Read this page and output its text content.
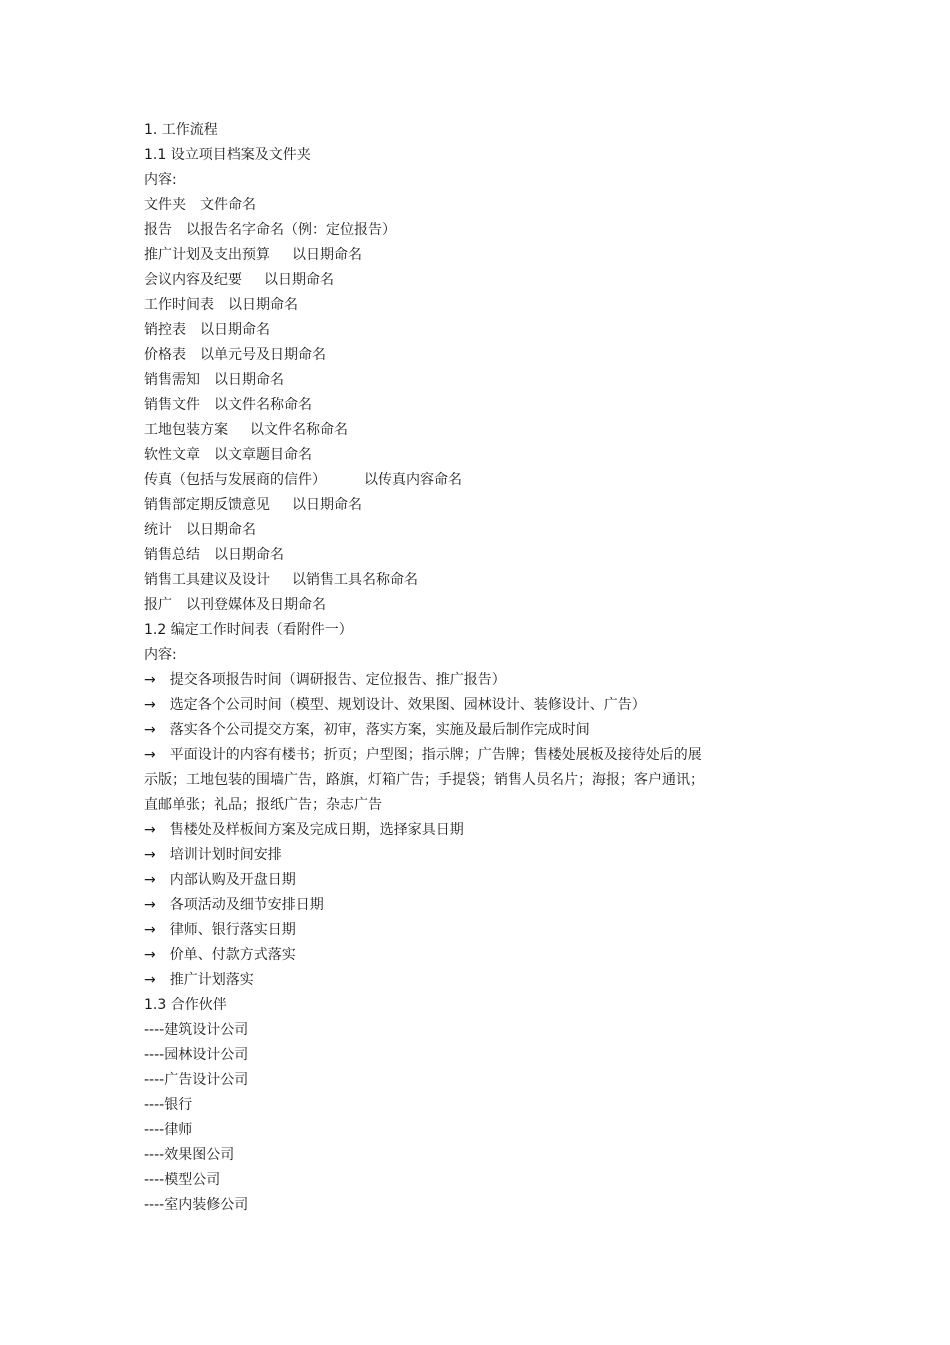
1. 工作流程
1.1 设立项目档案及文件夹
内容:
文件夹 文件命名
报告 以报告名字命名（例：定位报告）
推广计划及支出预算 以日期命名
会议内容及纪要 以日期命名
工作时间表 以日期命名
销控表 以日期命名
价格表 以单元号及日期命名
销售需知 以日期命名
销售文件 以文件名称命名
工地包装方案 以文件名称命名
软性文章 以文章题目命名
传真（包括与发展商的信件）	以传真内容命名
销售部定期反馈意见 以日期命名
统计 以日期命名
销售总结 以日期命名
销售工具建议及设计 以销售工具名称命名
报广 以刊登媒体及日期命名
1.2 编定工作时间表（看附件一）
内容:
→ 提交各项报告时间（调研报告、定位报告、推广报告）
→ 选定各个公司时间（模型、规划设计、效果图、园林设计、装修设计、广告）
→ 落实各个公司提交方案，初审，落实方案，实施及最后制作完成时间
→ 平面设计的内容有楼书；折页；户型图；指示牌；广告牌；售楼处展板及接待处后的展
示版；工地包装的围墙广告，路旗，灯箱广告；手提袋；销售人员名片；海报；客户通讯；
直邮单张；礼品；报纸广告；杂志广告
→ 售楼处及样板间方案及完成日期，选择家具日期
→ 培训计划时间安排
→ 内部认购及开盘日期
→ 各项活动及细节安排日期
→ 律师、银行落实日期
→ 价单、付款方式落实
→ 推广计划落实
1.3 合作伙伴
----建筑设计公司
----园林设计公司
----广告设计公司
----银行
----律师
----效果图公司
----模型公司
----室内装修公司
